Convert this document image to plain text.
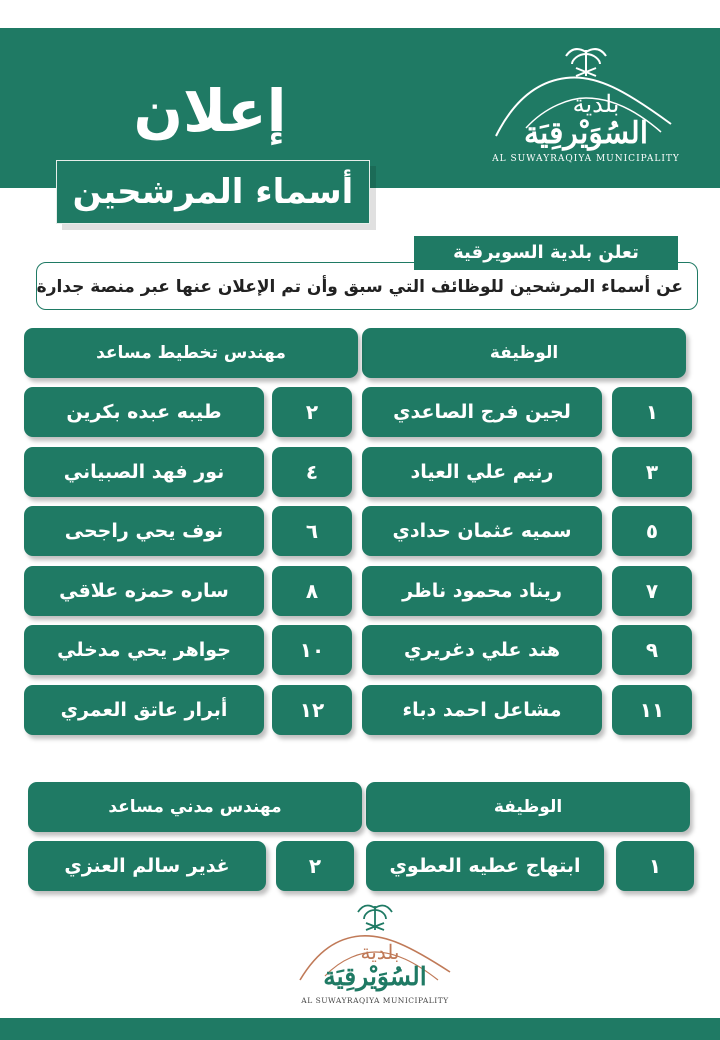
إعلان
أسماء المرشحين
بلدية
السُوَيْرقِيَة
AL SUWAYRAQIYA MUNICIPALITY
عن أسماء المرشحين للوظائف التي سبق وأن تم الإعلان عنها عبر منصة جدارة
تعلن بلدية السويرقية
الوظيفة
مهندس تخطيط مساعد
١
لجين فرج الصاعدي
٢
طيبه عبده بكرين
٣
رنيم علي العياد
٤
نور فهد الصبياني
٥
سميه عثمان حدادي
٦
نوف يحي راجحى
٧
ريناد محمود ناظر
٨
ساره حمزه علاقي
٩
هند علي دغريري
١٠
جواهر يحي مدخلي
١١
مشاعل احمد دباء
١٢
أبرار عاتق العمري
الوظيفة
مهندس مدني مساعد
١
ابتهاج عطيه العطوي
٢
غدير سالم العنزي
بلدية
السُوَيْرقِيَة
AL SUWAYRAQIYA MUNICIPALITY
